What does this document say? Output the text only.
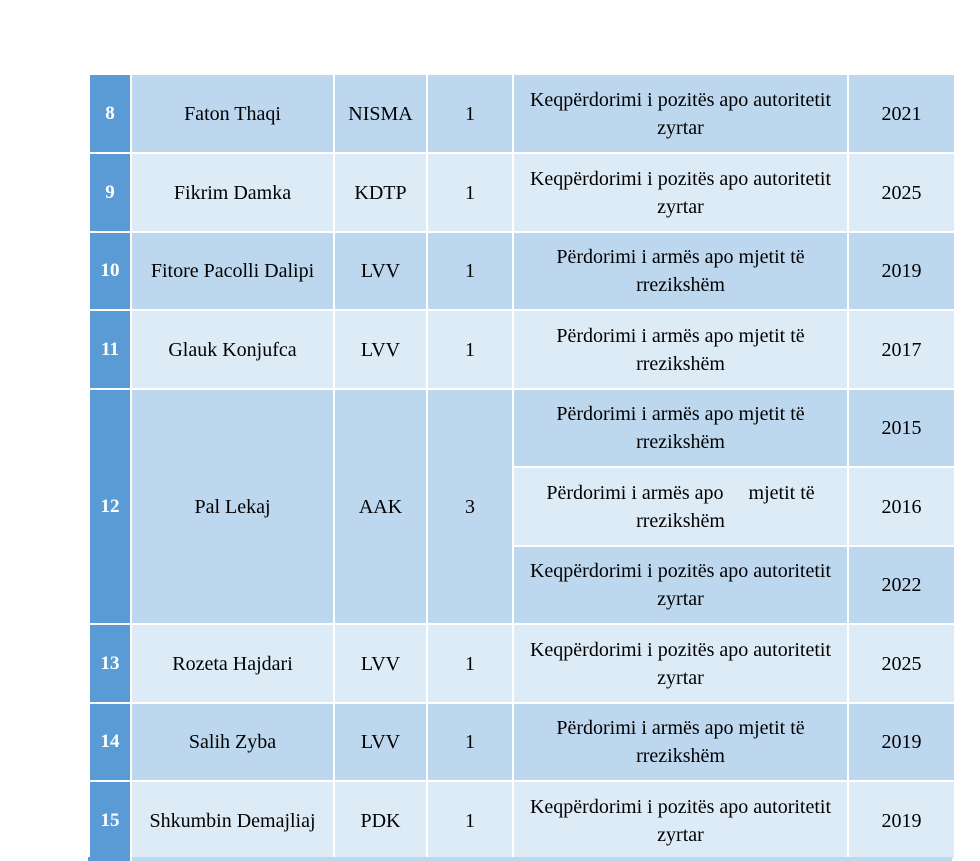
8	Faton Thaqi	NISMA	1	Keqpërdorimi i pozitës apo autoritetit zyrtar	2021
9	Fikrim Damka	KDTP	1	Keqpërdorimi i pozitës apo autoritetit zyrtar	2025
10	Fitore Pacolli Dalipi	LVV	1	Përdorimi i armës apo mjetit të rrezikshëm	2019
11	Glauk Konjufca	LVV	1	Përdorimi i armës apo mjetit të rrezikshëm	2017
12	Pal Lekaj	AAK	3	Përdorimi i armës apo mjetit të rrezikshëm	2015
				Përdorimi i armës apo     mjetit të rrezikshëm	2016
				Keqpërdorimi i pozitës apo autoritetit zyrtar	2022
13	Rozeta Hajdari	LVV	1	Keqpërdorimi i pozitës apo autoritetit zyrtar	2025
14	Salih Zyba	LVV	1	Përdorimi i armës apo mjetit të rrezikshëm	2019
15	Shkumbin Demajliaj	PDK	1	Keqpërdorimi i pozitës apo autoritetit zyrtar	2019
